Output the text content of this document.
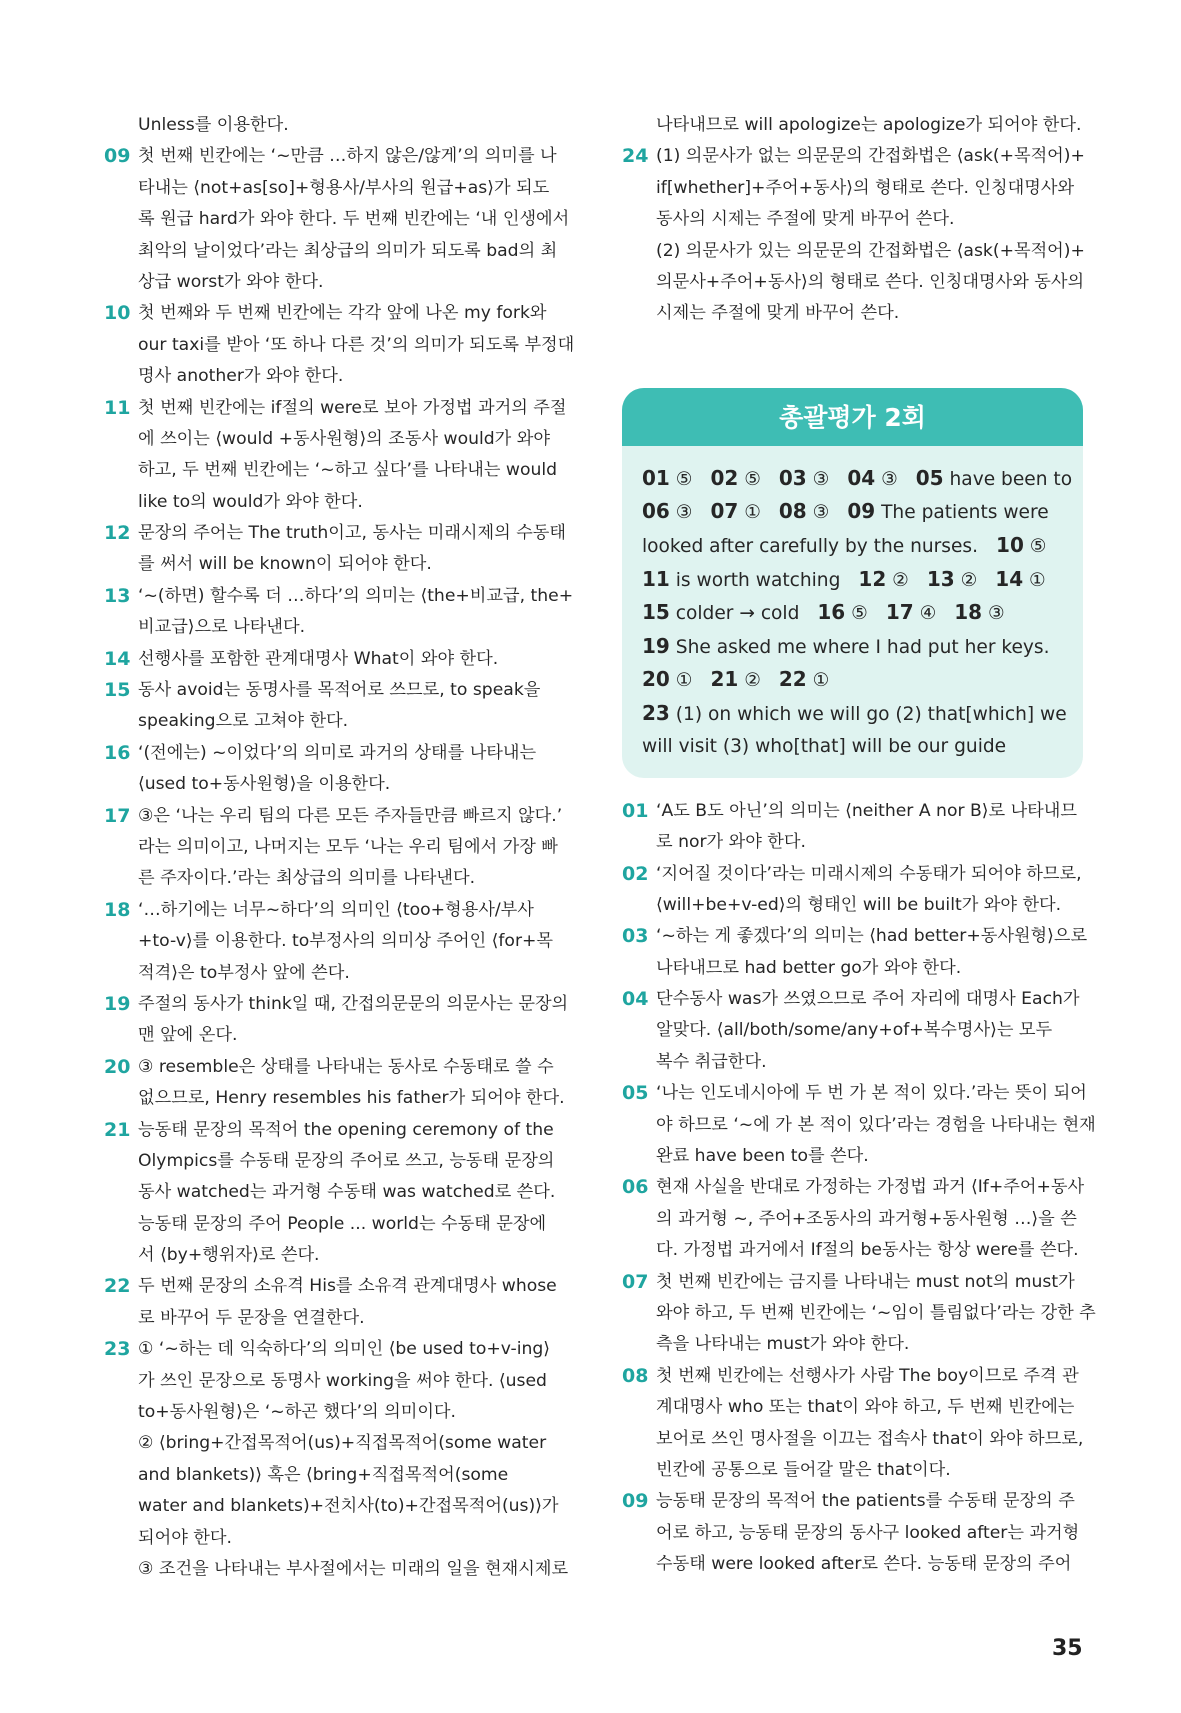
Unless를 이용한다.
09 첫 번째 빈칸에는 ‘~만큼 …하지 않은/않게’의 의미를 나
타내는 ⟨not+as[so]+형용사/부사의 원급+as⟩가 되도
록 원급 hard가 와야 한다. 두 번째 빈칸에는 ‘내 인생에서
최악의 날이었다’라는 최상급의 의미가 되도록 bad의 최
상급 worst가 와야 한다.
10 첫 번째와 두 번째 빈칸에는 각각 앞에 나온 my fork와
our taxi를 받아 ‘또 하나 다른 것’의 의미가 되도록 부정대
명사 another가 와야 한다.
11 첫 번째 빈칸에는 if절의 were로 보아 가정법 과거의 주절
에 쓰이는 ⟨would +동사원형⟩의 조동사 would가 와야
하고, 두 번째 빈칸에는 ‘~하고 싶다’를 나타내는 would
like to의 would가 와야 한다.
12 문장의 주어는 The truth이고, 동사는 미래시제의 수동태
를 써서 will be known이 되어야 한다.
13 ‘~(하면) 할수록 더 …하다’의 의미는 ⟨the+비교급, the+
비교급⟩으로 나타낸다.
14 선행사를 포함한 관계대명사 What이 와야 한다.
15 동사 avoid는 동명사를 목적어로 쓰므로, to speak을
speaking으로 고쳐야 한다.
16 ‘(전에는) ~이었다’의 의미로 과거의 상태를 나타내는
⟨used to+동사원형⟩을 이용한다.
17 ③은 ‘나는 우리 팀의 다른 모든 주자들만큼 빠르지 않다.’
라는 의미이고, 나머지는 모두 ‘나는 우리 팀에서 가장 빠
른 주자이다.’라는 최상급의 의미를 나타낸다.
18 ‘…하기에는 너무~하다’의 의미인 ⟨too+형용사/부사
+to-v⟩를 이용한다. to부정사의 의미상 주어인 ⟨for+목
적격⟩은 to부정사 앞에 쓴다.
19 주절의 동사가 think일 때, 간접의문문의 의문사는 문장의
맨 앞에 온다.
20 ③ resemble은 상태를 나타내는 동사로 수동태로 쓸 수
없으므로, Henry resembles his father가 되어야 한다.
21 능동태 문장의 목적어 the opening ceremony of the
Olympics를 수동태 문장의 주어로 쓰고, 능동태 문장의
동사 watched는 과거형 수동태 was watched로 쓴다.
능동태 문장의 주어 People ... world는 수동태 문장에
서 ⟨by+행위자⟩로 쓴다.
22 두 번째 문장의 소유격 His를 소유격 관계대명사 whose
로 바꾸어 두 문장을 연결한다.
23 ① ‘~하는 데 익숙하다’의 의미인 ⟨be used to+v-ing⟩
가 쓰인 문장으로 동명사 working을 써야 한다. ⟨used
to+동사원형⟩은 ‘~하곤 했다’의 의미이다.
② ⟨bring+간접목적어(us)+직접목적어(some water
and blankets)⟩ 혹은 ⟨bring+직접목적어(some
water and blankets)+전치사(to)+간접목적어(us)⟩가
되어야 한다.
③ 조건을 나타내는 부사절에서는 미래의 일을 현재시제로
나타내므로 will apologize는 apologize가 되어야 한다.
24 (1) 의문사가 없는 의문문의 간접화법은 ⟨ask(+목적어)+
if[whether]+주어+동사⟩의 형태로 쓴다. 인칭대명사와
동사의 시제는 주절에 맞게 바꾸어 쓴다.
(2) 의문사가 있는 의문문의 간접화법은 ⟨ask(+목적어)+
의문사+주어+동사⟩의 형태로 쓴다. 인칭대명사와 동사의
시제는 주절에 맞게 바꾸어 쓴다.
총괄평가 2회
01 ⑤ 02 ⑤ 03 ③ 04 ③ 05 have been to
06 ③ 07 ① 08 ③ 09 The patients were
looked after carefully by the nurses. 10 ⑤
11 is worth watching 12 ② 13 ② 14 ①
15 colder → cold 16 ⑤ 17 ④ 18 ③
19 She asked me where I had put her keys.
20 ① 21 ② 22 ①
23 (1) on which we will go (2) that[which] we
will visit (3) who[that] will be our guide
01 ‘A도 B도 아닌’의 의미는 ⟨neither A nor B⟩로 나타내므
로 nor가 와야 한다.
02 ‘지어질 것이다’라는 미래시제의 수동태가 되어야 하므로,
⟨will+be+v-ed⟩의 형태인 will be built가 와야 한다.
03 ‘~하는 게 좋겠다’의 의미는 ⟨had better+동사원형⟩으로
나타내므로 had better go가 와야 한다.
04 단수동사 was가 쓰였으므로 주어 자리에 대명사 Each가
알맞다. ⟨all/both/some/any+of+복수명사⟩는 모두
복수 취급한다.
05 ‘나는 인도네시아에 두 번 가 본 적이 있다.’라는 뜻이 되어
야 하므로 ‘~에 가 본 적이 있다’라는 경험을 나타내는 현재
완료 have been to를 쓴다.
06 현재 사실을 반대로 가정하는 가정법 과거 ⟨If+주어+동사
의 과거형 ~, 주어+조동사의 과거형+동사원형 …⟩을 쓴
다. 가정법 과거에서 If절의 be동사는 항상 were를 쓴다.
07 첫 번째 빈칸에는 금지를 나타내는 must not의 must가
와야 하고, 두 번째 빈칸에는 ‘~임이 틀림없다’라는 강한 추
측을 나타내는 must가 와야 한다.
08 첫 번째 빈칸에는 선행사가 사람 The boy이므로 주격 관
계대명사 who 또는 that이 와야 하고, 두 번째 빈칸에는
보어로 쓰인 명사절을 이끄는 접속사 that이 와야 하므로,
빈칸에 공통으로 들어갈 말은 that이다.
09 능동태 문장의 목적어 the patients를 수동태 문장의 주
어로 하고, 능동태 문장의 동사구 looked after는 과거형
수동태 were looked after로 쓴다. 능동태 문장의 주어
35
